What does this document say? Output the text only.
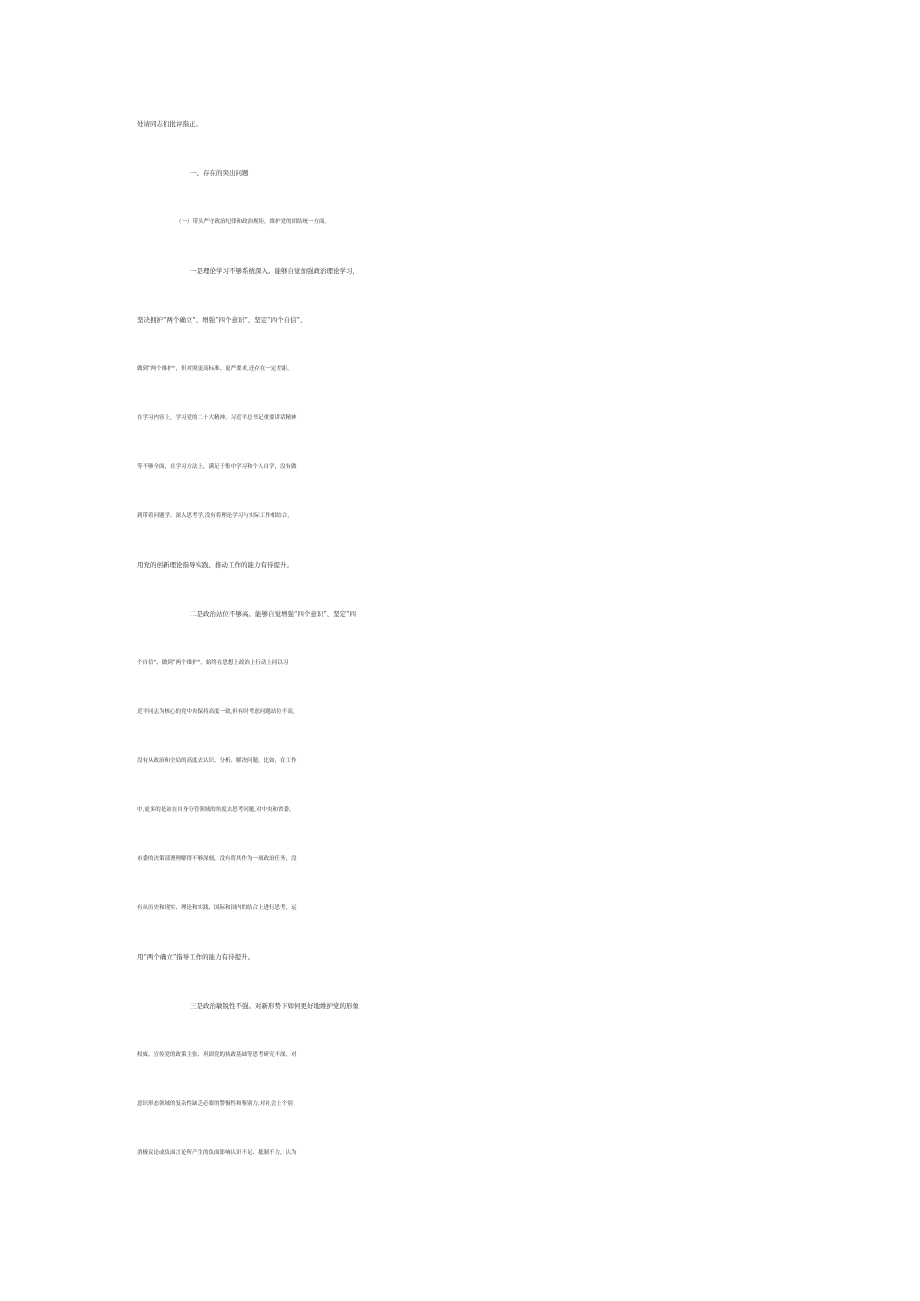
处请同志们批评指正。
一、存在的突出问题
（一）带头严守政治纪律和政治规矩，维护党的团结统一方面。
一是理论学习不够系统深入。能够自觉加强政治理论学习，
坚决拥护“两个确立”、增强“四个意识”、坚定“四个自信”、
做到“两个维护”，但对照更高标准、更严要求,还存在一定差距。
在学习内容上，学习党的二十大精神、习近平总书记重要讲话精神
等不够全面，在学习方法上，满足于集中学习和个人自学，没有做
到带着问题学、深入思考学,没有将理论学习与实际工作相结合，
用党的创新理论指导实践、推动工作的能力有待提升。
二是政治站位不够高。能够自觉增强“四个意识”、坚定“四
个自信”、做到“两个维护”，始终在思想上政治上行动上同以习
近平同志为核心的党中央保持高度一致,但有时考虑问题站位不高,
没有从政治和全局的高度去认识、分析、解决问题。比如，在工作
中,更多的是站在自身分管领域的角度去思考问题,对中央和省委、
市委的决策部署理解得不够深刻，没有将其作为一项政治任务，没
有从历史和现实、理论和实践、国际和国内的结合上进行思考，运
用“两个确立”指导工作的能力有待提升。
三是政治敏锐性不强。对新形势下如何更好地维护党的形象
权威、宣传党的政策主张、巩固党的执政基础等思考研究不深，对
意识形态领域的复杂性缺乏必要的警惕性和鉴别力,对社会上个别
消极议论或负面言论所产生的负面影响认识不足、抵制不力，认为
